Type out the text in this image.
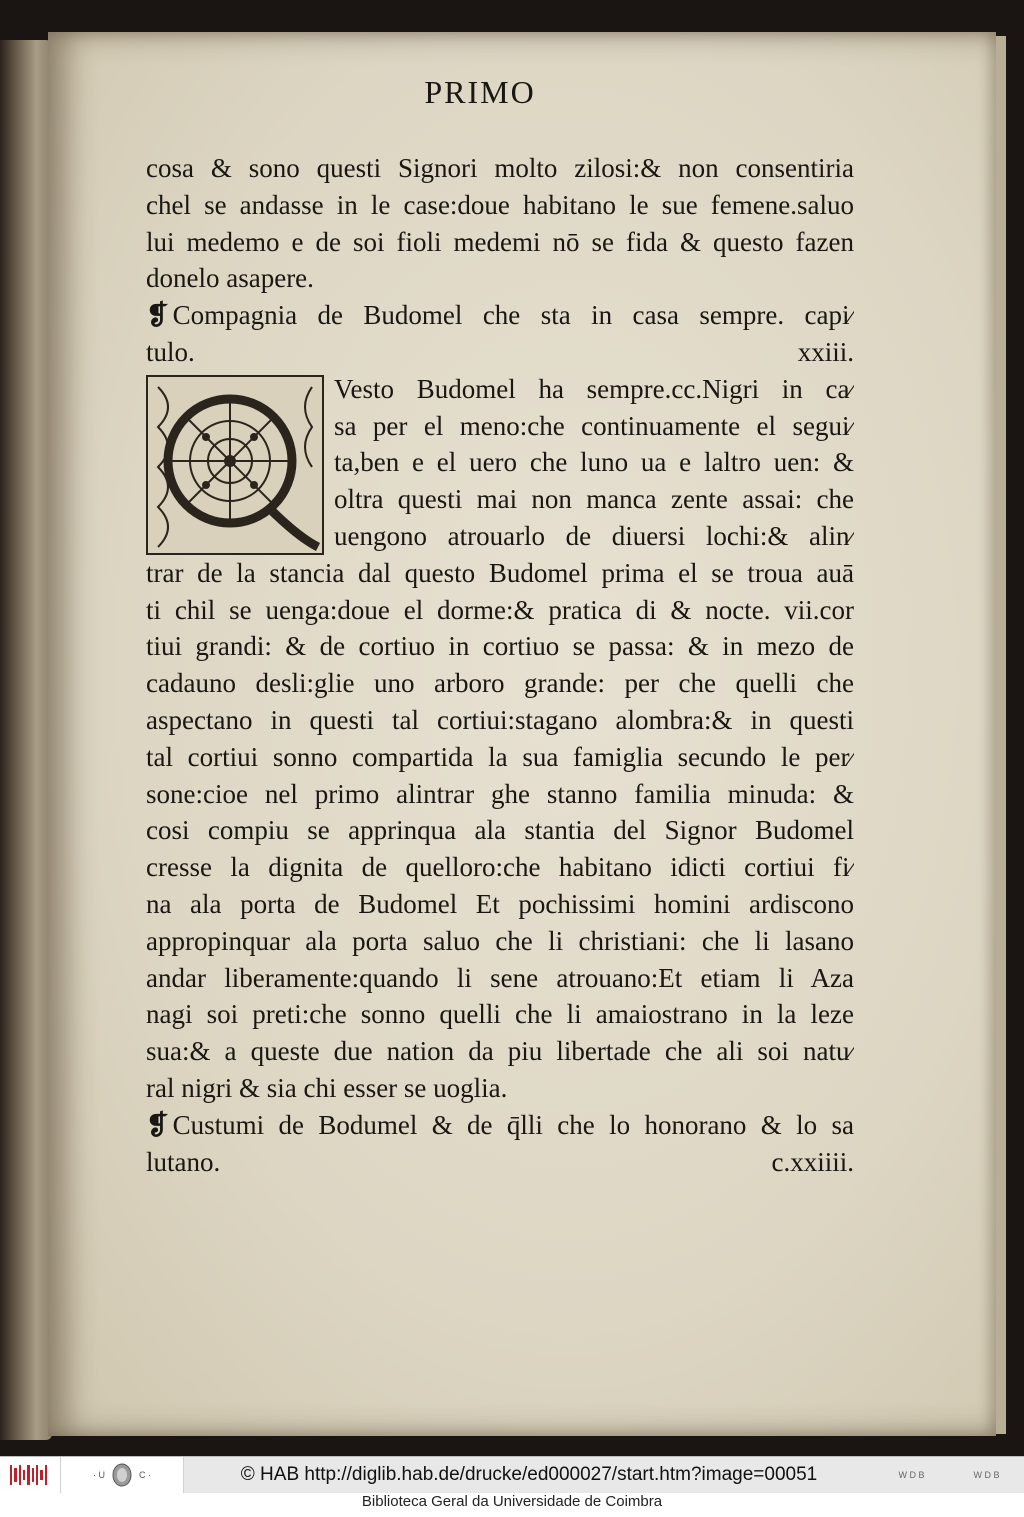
PRIMO
cosa & sono questi Signori molto zilosi:& non consentiria
chel se andasse in le case:doue habitano le sue femene.saluo
lui medemo e de soi fioli medemi nō se fida & questo fazen
donelo asapere.
❡ Compagnia de Budomel che sta in casa sempre. capi⁄
tulo.	xxiii.
Vesto Budomel ha sempre.cc.Nigri in ca⁄
sa per el meno:che continuamente el segui⁄
ta,ben e el uero che luno ua e laltro uen: &
oltra questi mai non manca zente assai: che
uengono atrouarlo de diuersi lochi:& alin⁄
trar de la stancia dal questo Budomel prima el se troua auā
ti chil se uenga:doue el dorme:& pratica di & nocte. vii.cor
tiui grandi: & de cortiuo in cortiuo se passa: & in mezo de
cadauno desli:glie uno arboro grande: per che quelli che
aspectano in questi tal cortiui:stagano alombra:& in questi
tal cortiui sonno compartida la sua famiglia secundo le per⁄
sone:cioe nel primo alintrar ghe stanno familia minuda: &
cosi compiu se apprinqua ala stantia del Signor Budomel
cresse la dignita de quelloro:che habitano idicti cortiui fi⁄
na ala porta de Budomel Et pochissimi homini ardiscono
appropinquar ala porta saluo che li christiani: che li lasano
andar liberamente:quando li sene atrouano:Et etiam li Aza
nagi soi preti:che sonno quelli che li amaiostrano in la leze
sua:& a queste due nation da piu libertade che ali soi natu⁄
ral nigri & sia chi esser se uoglia.
❡ Custumi de Bodumel & de q̄lli che lo honorano & lo sa
lutano.	c.xxiiii.
· U	C ·	© HAB http://diglib.hab.de/drucke/ed000027/start.htm?image=00051	W D B	W D B
Biblioteca Geral da Universidade de Coimbra
